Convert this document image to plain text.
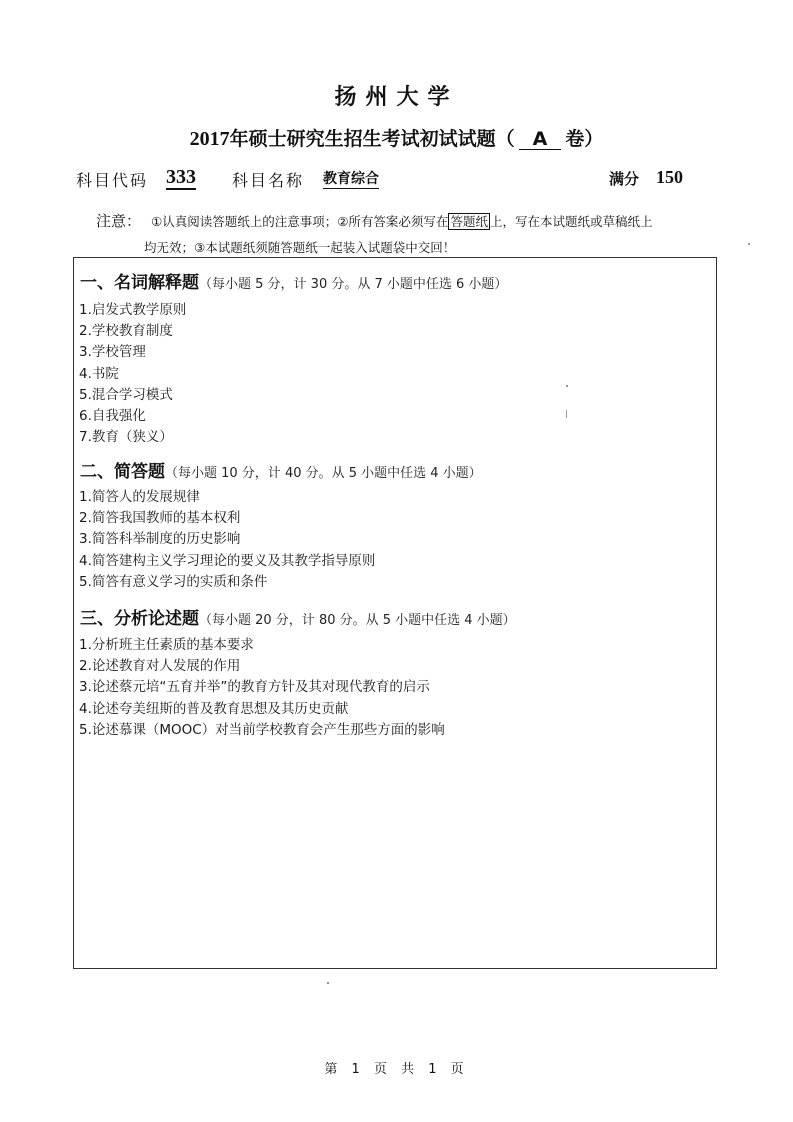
扬州大学
2017年硕士研究生招生考试初试试题（ A 卷）
科目代码 333 科目名称 教育综合	满分 150
注意： ①认真阅读答题纸上的注意事项；②所有答案必须写在 答题纸 上，写在本试题纸或草稿纸上
均无效；③本试题纸须随答题纸一起装入试题袋中交回！
一、名词解释题（每小题 5 分，计 30 分。从 7 小题中任选 6 小题）
1.启发式教学原则
2.学校教育制度
3.学校管理
4.书院
5.混合学习模式
6.自我强化
7.教育（狭义）
二、简答题（每小题 10 分，计 40 分。从 5 小题中任选 4 小题）
1.简答人的发展规律
2.简答我国教师的基本权利
3.简答科举制度的历史影响
4.简答建构主义学习理论的要义及其教学指导原则
5.简答有意义学习的实质和条件
三、分析论述题（每小题 20 分，计 80 分。从 5 小题中任选 4 小题）
1.分析班主任素质的基本要求
2.论述教育对人发展的作用
3.论述蔡元培“五育并举”的教育方针及其对现代教育的启示
4.论述夸美纽斯的普及教育思想及其历史贡献
5.论述慕课（MOOC）对当前学校教育会产生那些方面的影响
第 1 页 共 1 页
